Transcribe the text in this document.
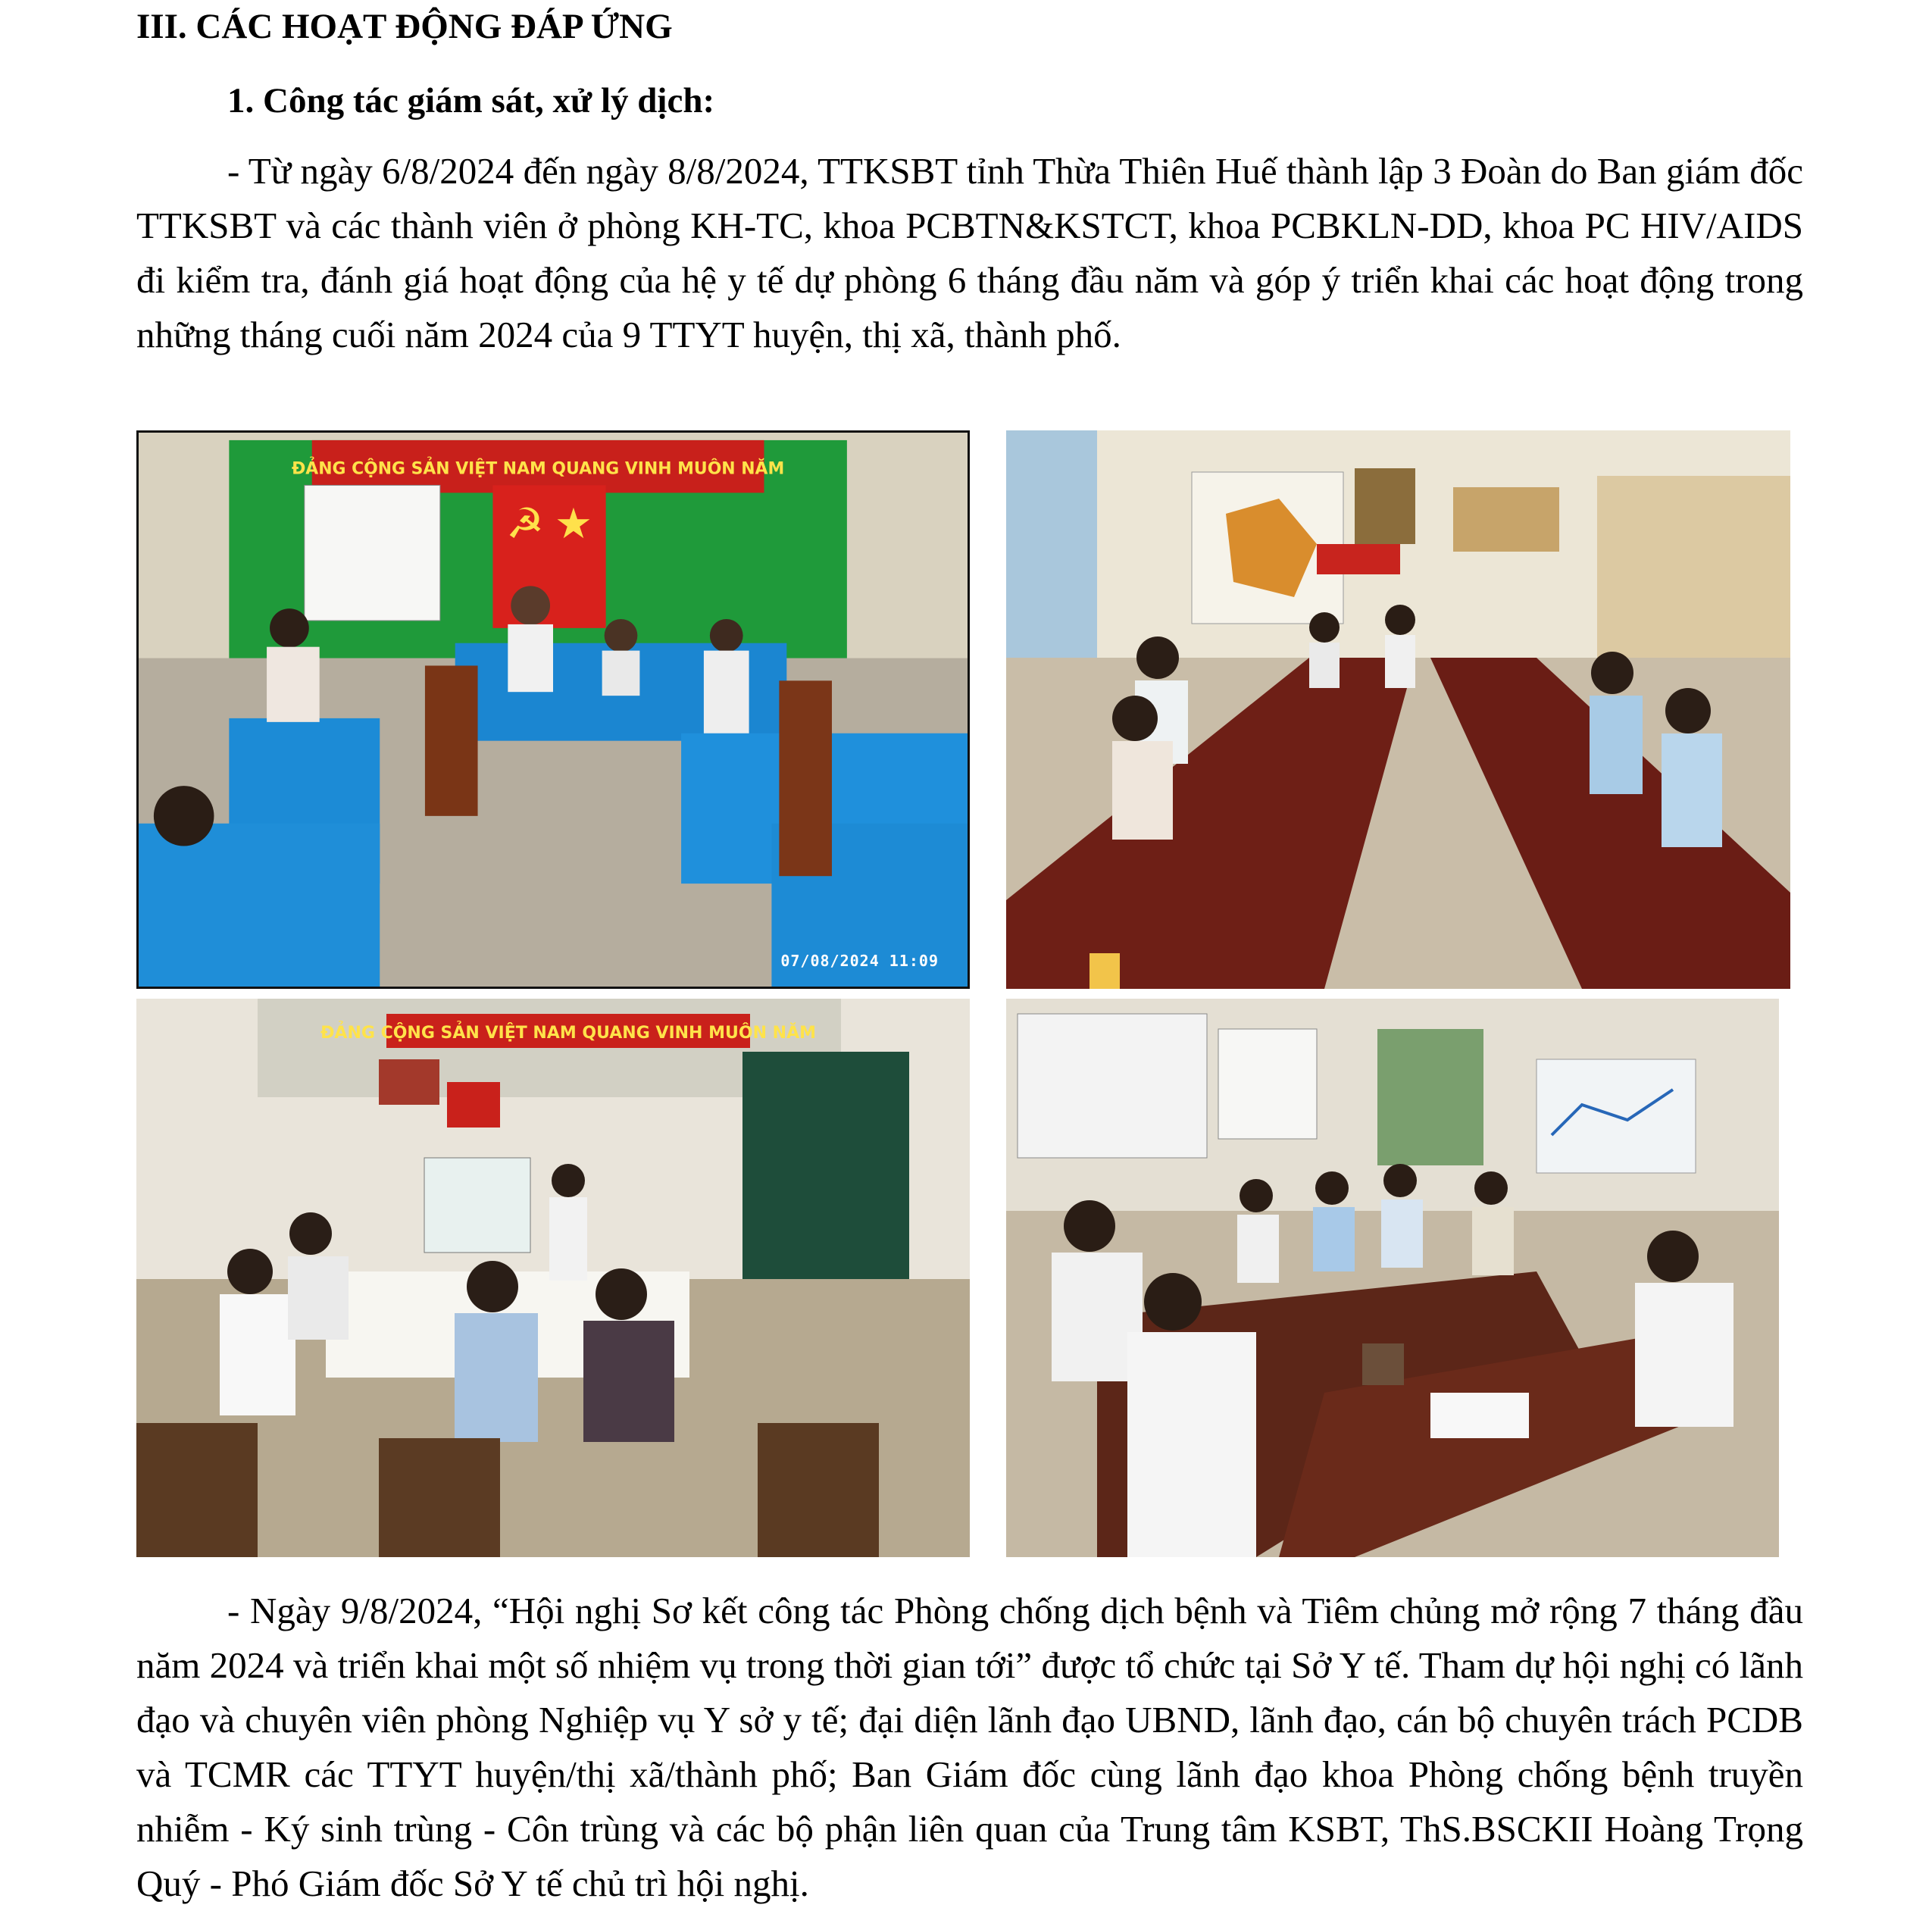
III. CÁC HOẠT ĐỘNG ĐÁP ỨNG
1. Công tác giám sát, xử lý dịch:

- Từ ngày 6/8/2024 đến ngày 8/8/2024, TTKSBT tỉnh Thừa Thiên Huế thành lập 3 Đoàn do Ban giám đốc TTKSBT và các thành viên ở phòng KH-TC, khoa PCBTN&KSTCT, khoa PCBKLN-DD, khoa PC HIV/AIDS đi kiểm tra, đánh giá hoạt động của hệ y tế dự phòng 6 tháng đầu năm và góp ý triển khai các hoạt động trong những tháng cuối năm 2024 của 9 TTYT huyện, thị xã, thành phố.

ĐẢNG CỘNG SẢN VIỆT NAM QUANG VINH MUÔN NĂM
☭ ★
07/08/2024 11:09
ĐẢNG CỘNG SẢN VIỆT NAM QUANG VINH MUÔN NĂM

- Ngày 9/8/2024, “Hội nghị Sơ kết công tác Phòng chống dịch bệnh và Tiêm chủng mở rộng 7 tháng đầu năm 2024 và triển khai một số nhiệm vụ trong thời gian tới” được tổ chức tại Sở Y tế. Tham dự hội nghị có lãnh đạo và chuyên viên phòng Nghiệp vụ Y sở y tế; đại diện lãnh đạo UBND, lãnh đạo, cán bộ chuyên trách PCDB và TCMR các TTYT huyện/thị xã/thành phố; Ban Giám đốc cùng lãnh đạo khoa Phòng chống bệnh truyền nhiễm - Ký sinh trùng - Côn trùng và các bộ phận liên quan của Trung tâm KSBT, ThS.BSCKII Hoàng Trọng Quý - Phó Giám đốc Sở Y tế chủ trì hội nghị.
